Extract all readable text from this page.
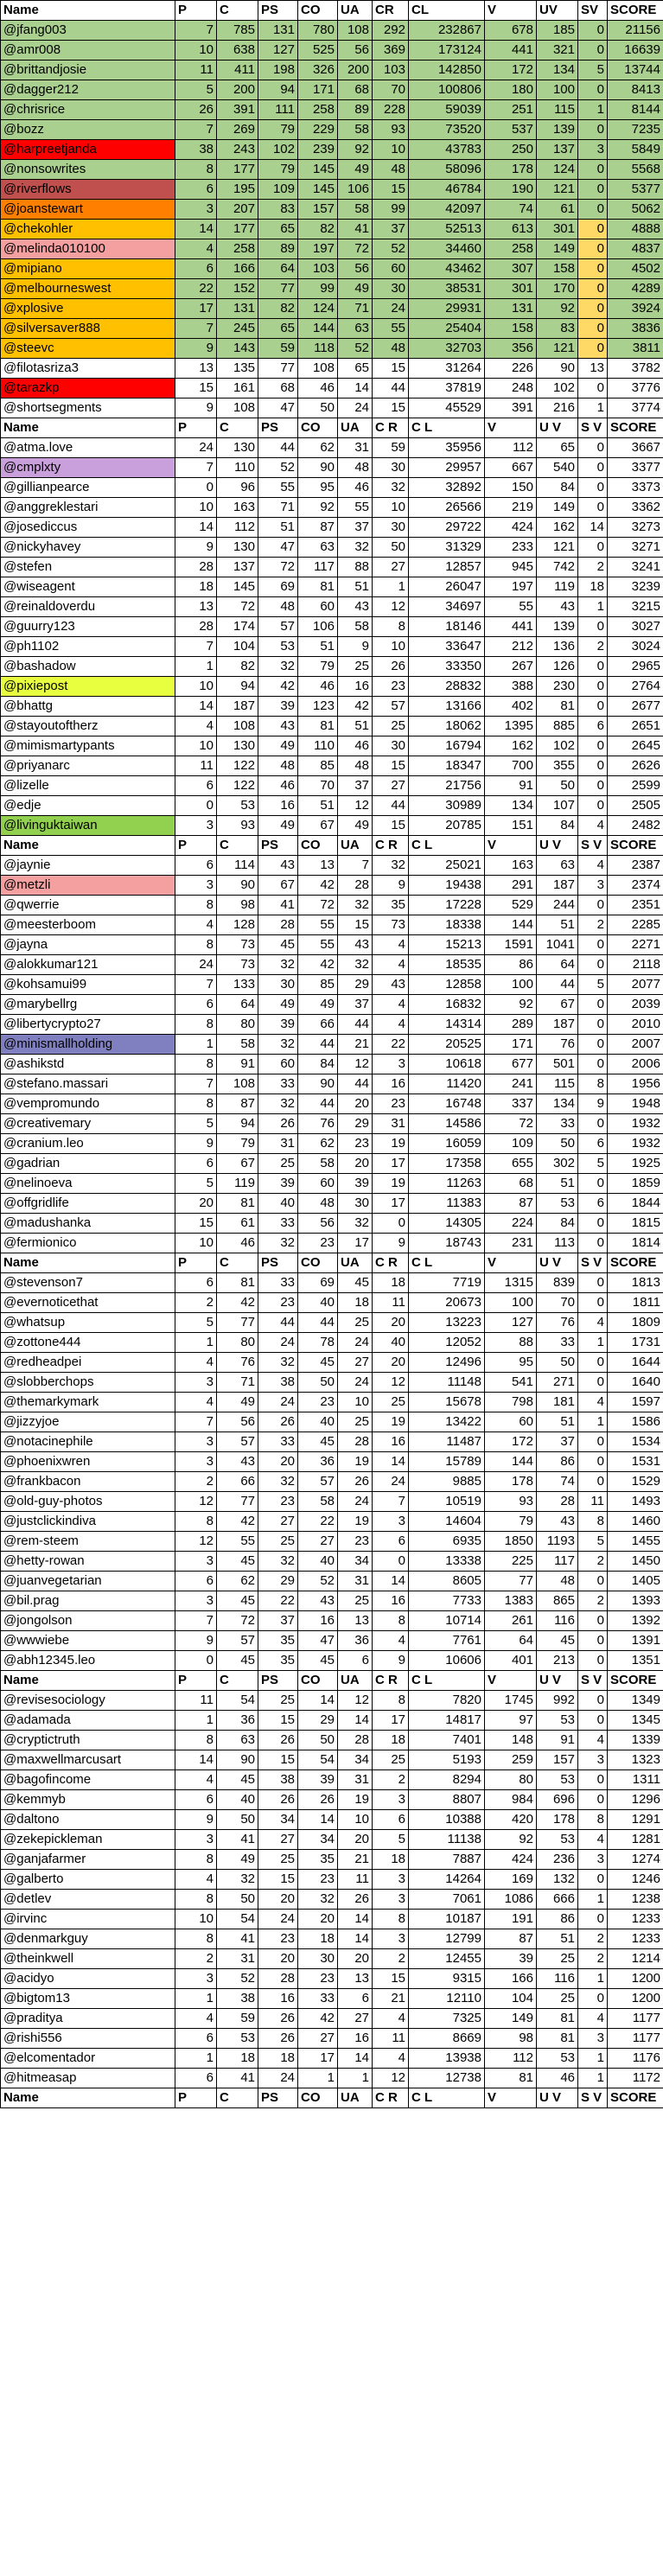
Name	P	C	PS	CO	UA	CR	CL	V	UV	SV	SCORE
@jfang003	7	785	131	780	108	292	232867	678	185	0	21156
@amr008	10	638	127	525	56	369	173124	441	321	0	16639
@brittandjosie	11	411	198	326	200	103	142850	172	134	5	13744
@dagger212	5	200	94	171	68	70	100806	180	100	0	8413
@chrisrice	26	391	111	258	89	228	59039	251	115	1	8144
@bozz	7	269	79	229	58	93	73520	537	139	0	7235
@harpreetjanda	38	243	102	239	92	10	43783	250	137	3	5849
@nonsowrites	8	177	79	145	49	48	58096	178	124	0	5568
@riverflows	6	195	109	145	106	15	46784	190	121	0	5377
@joanstewart	3	207	83	157	58	99	42097	74	61	0	5062
@chekohler	14	177	65	82	41	37	52513	613	301	0	4888
@melinda010100	4	258	89	197	72	52	34460	258	149	0	4837
@mipiano	6	166	64	103	56	60	43462	307	158	0	4502
@melbourneswest	22	152	77	99	49	30	38531	301	170	0	4289
@xplosive	17	131	82	124	71	24	29931	131	92	0	3924
@silversaver888	7	245	65	144	63	55	25404	158	83	0	3836
@steevc	9	143	59	118	52	48	32703	356	121	0	3811
@filotasriza3	13	135	77	108	65	15	31264	226	90	13	3782
@tarazkp	15	161	68	46	14	44	37819	248	102	0	3776
@shortsegments	9	108	47	50	24	15	45529	391	216	1	3774
Name	P	C	PS	CO	UA	C R	C L	V	U V	S V	SCORE
@atma.love	24	130	44	62	31	59	35956	112	65	0	3667
@cmplxty	7	110	52	90	48	30	29957	667	540	0	3377
@gillianpearce	0	96	55	95	46	32	32892	150	84	0	3373
@anggreklestari	10	163	71	92	55	10	26566	219	149	0	3362
@josediccus	14	112	51	87	37	30	29722	424	162	14	3273
@nickyhavey	9	130	47	63	32	50	31329	233	121	0	3271
@stefen	28	137	72	117	88	27	12857	945	742	2	3241
@wiseagent	18	145	69	81	51	1	26047	197	119	18	3239
@reinaldoverdu	13	72	48	60	43	12	34697	55	43	1	3215
@guurry123	28	174	57	106	58	8	18146	441	139	0	3027
@ph1102	7	104	53	51	9	10	33647	212	136	2	3024
@bashadow	1	82	32	79	25	26	33350	267	126	0	2965
@pixiepost	10	94	42	46	16	23	28832	388	230	0	2764
@bhattg	14	187	39	123	42	57	13166	402	81	0	2677
@stayoutoftherz	4	108	43	81	51	25	18062	1395	885	6	2651
@mimismartypants	10	130	49	110	46	30	16794	162	102	0	2645
@priyanarc	11	122	48	85	48	15	18347	700	355	0	2626
@lizelle	6	122	46	70	37	27	21756	91	50	0	2599
@edje	0	53	16	51	12	44	30989	134	107	0	2505
@livinguktaiwan	3	93	49	67	49	15	20785	151	84	4	2482
Name	P	C	PS	CO	UA	C R	C L	V	U V	S V	SCORE
@jaynie	6	114	43	13	7	32	25021	163	63	4	2387
@metzli	3	90	67	42	28	9	19438	291	187	3	2374
@qwerrie	8	98	41	72	32	35	17228	529	244	0	2351
@meesterboom	4	128	28	55	15	73	18338	144	51	2	2285
@jayna	8	73	45	55	43	4	15213	1591	1041	0	2271
@alokkumar121	24	73	32	42	32	4	18535	86	64	0	2118
@kohsamui99	7	133	30	85	29	43	12858	100	44	5	2077
@marybellrg	6	64	49	49	37	4	16832	92	67	0	2039
@libertycrypto27	8	80	39	66	44	4	14314	289	187	0	2010
@minismallholding	1	58	32	44	21	22	20525	171	76	0	2007
@ashikstd	8	91	60	84	12	3	10618	677	501	0	2006
@stefano.massari	7	108	33	90	44	16	11420	241	115	8	1956
@vempromundo	8	87	32	44	20	23	16748	337	134	9	1948
@creativemary	5	94	26	76	29	31	14586	72	33	0	1932
@cranium.leo	9	79	31	62	23	19	16059	109	50	6	1932
@gadrian	6	67	25	58	20	17	17358	655	302	5	1925
@nelinoeva	5	119	39	60	39	19	11263	68	51	0	1859
@offgridlife	20	81	40	48	30	17	11383	87	53	6	1844
@madushanka	15	61	33	56	32	0	14305	224	84	0	1815
@fermionico	10	46	32	23	17	9	18743	231	113	0	1814
Name	P	C	PS	CO	UA	C R	C L	V	U V	S V	SCORE
@stevenson7	6	81	33	69	45	18	7719	1315	839	0	1813
@evernoticethat	2	42	23	40	18	11	20673	100	70	0	1811
@whatsup	5	77	44	44	25	20	13223	127	76	4	1809
@zottone444	1	80	24	78	24	40	12052	88	33	1	1731
@redheadpei	4	76	32	45	27	20	12496	95	50	0	1644
@slobberchops	3	71	38	50	24	12	11148	541	271	0	1640
@themarkymark	4	49	24	23	10	25	15678	798	181	4	1597
@jizzyjoe	7	56	26	40	25	19	13422	60	51	1	1586
@notacinephile	3	57	33	45	28	16	11487	172	37	0	1534
@phoenixwren	3	43	20	36	19	14	15789	144	86	0	1531
@frankbacon	2	66	32	57	26	24	9885	178	74	0	1529
@old-guy-photos	12	77	23	58	24	7	10519	93	28	11	1493
@justclickindiva	8	42	27	22	19	3	14604	79	43	8	1460
@rem-steem	12	55	25	27	23	6	6935	1850	1193	5	1455
@hetty-rowan	3	45	32	40	34	0	13338	225	117	2	1450
@juanvegetarian	6	62	29	52	31	14	8605	77	48	0	1405
@bil.prag	3	45	22	43	25	16	7733	1383	865	2	1393
@jongolson	7	72	37	16	13	8	10714	261	116	0	1392
@wwwiebe	9	57	35	47	36	4	7761	64	45	0	1391
@abh12345.leo	0	45	35	45	6	9	10606	401	213	0	1351
Name	P	C	PS	CO	UA	C R	C L	V	U V	S V	SCORE
@revisesociology	11	54	25	14	12	8	7820	1745	992	0	1349
@adamada	1	36	15	29	14	17	14817	97	53	0	1345
@cryptictruth	8	63	26	50	28	18	7401	148	91	4	1339
@maxwellmarcusart	14	90	15	54	34	25	5193	259	157	3	1323
@bagofincome	4	45	38	39	31	2	8294	80	53	0	1311
@kemmyb	6	40	26	26	19	3	8807	984	696	0	1296
@daltono	9	50	34	14	10	6	10388	420	178	8	1291
@zekepickleman	3	41	27	34	20	5	11138	92	53	4	1281
@ganjafarmer	8	49	25	35	21	18	7887	424	236	3	1274
@galberto	4	32	15	23	11	3	14264	169	132	0	1246
@detlev	8	50	20	32	26	3	7061	1086	666	1	1238
@irvinc	10	54	24	20	14	8	10187	191	86	0	1233
@denmarkguy	8	41	23	18	14	3	12799	87	51	2	1233
@theinkwell	2	31	20	30	20	2	12455	39	25	2	1214
@acidyo	3	52	28	23	13	15	9315	166	116	1	1200
@bigtom13	1	38	16	33	6	21	12110	104	25	0	1200
@praditya	4	59	26	42	27	4	7325	149	81	4	1177
@rishi556	6	53	26	27	16	11	8669	98	81	3	1177
@elcomentador	1	18	18	17	14	4	13938	112	53	1	1176
@hitmeasap	6	41	24	1	1	12	12738	81	46	1	1172
Name	P	C	PS	CO	UA	C R	C L	V	U V	S V	SCORE
